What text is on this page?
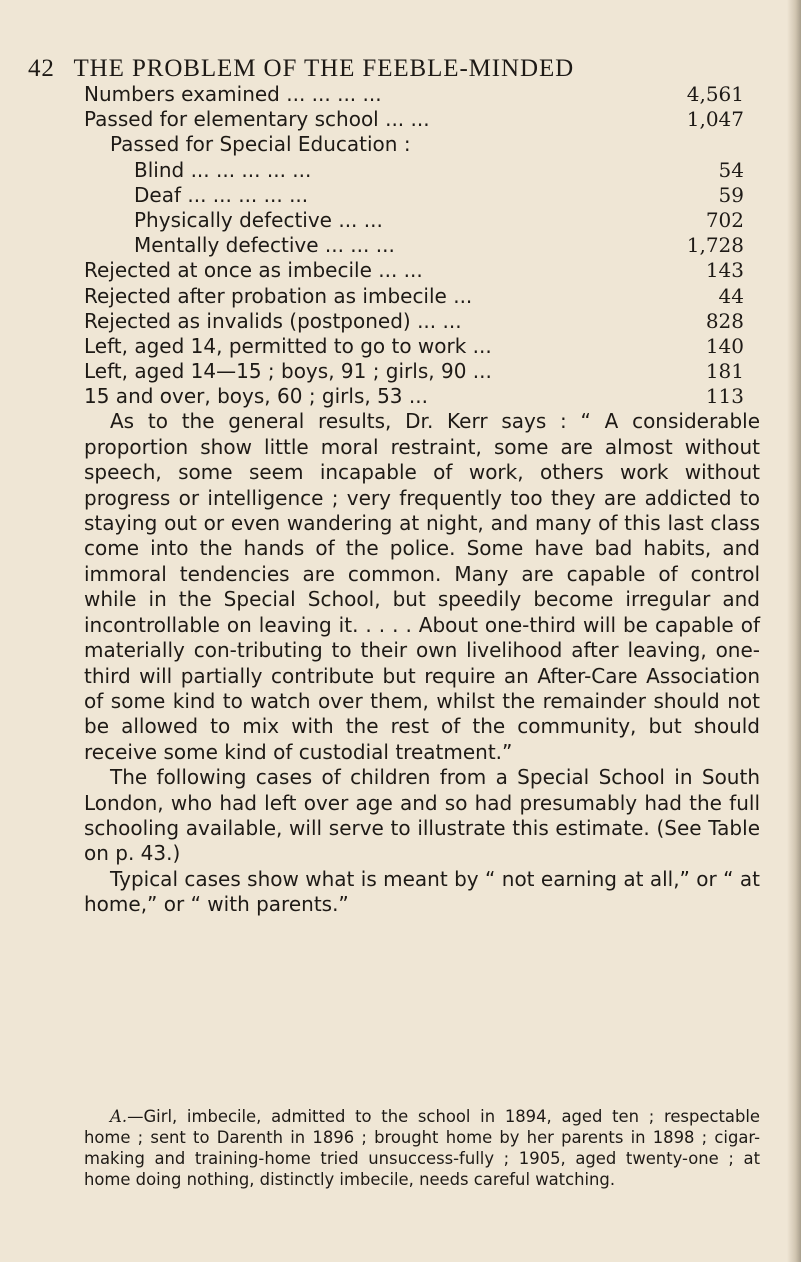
42 THE PROBLEM OF THE FEEBLE-MINDED
Numbers examined ... ... ... ...	4,561
Passed for elementary school ... ...	1,047
Passed for Special Education :
Blind ... ... ... ... ...	54
Deaf ... ... ... ... ...	59
Physically defective ... ...	702
Mentally defective ... ... ...	1,728
Rejected at once as imbecile ... ...	143
Rejected after probation as imbecile ...	44
Rejected as invalids (postponed) ... ...	828
Left, aged 14, permitted to go to work ...	140
Left, aged 14—15 ; boys, 91 ; girls, 90 ...	181
15 and over, boys, 60 ; girls, 53 ...	113

As to the general results, Dr. Kerr says : “ A considerable proportion show little moral restraint, some are almost without speech, some seem incapable of work, others work without progress or intelligence ; very frequently too they are addicted to staying out or even wandering at night, and many of this last class come into the hands of the police. Some have bad habits, and immoral tendencies are common. Many are capable of control while in the Special School, but speedily become irregular and incontrollable on leaving it. . . . . About one-third will be capable of materially con-tributing to their own livelihood after leaving, one-third will partially contribute but require an After-Care Association of some kind to watch over them, whilst the remainder should not be allowed to mix with the rest of the community, but should receive some kind of custodial treatment.”

The following cases of children from a Special School in South London, who had left over age and so had presumably had the full schooling available, will serve to illustrate this estimate. (See Table on p. 43.)

Typical cases show what is meant by “ not earning at all,” or “ at home,” or “ with parents.”

A.—Girl, imbecile, admitted to the school in 1894, aged ten ; respectable home ; sent to Darenth in 1896 ; brought home by her parents in 1898 ; cigar-making and training-home tried unsuccess-fully ; 1905, aged twenty-one ; at home doing nothing, distinctly imbecile, needs careful watching.
